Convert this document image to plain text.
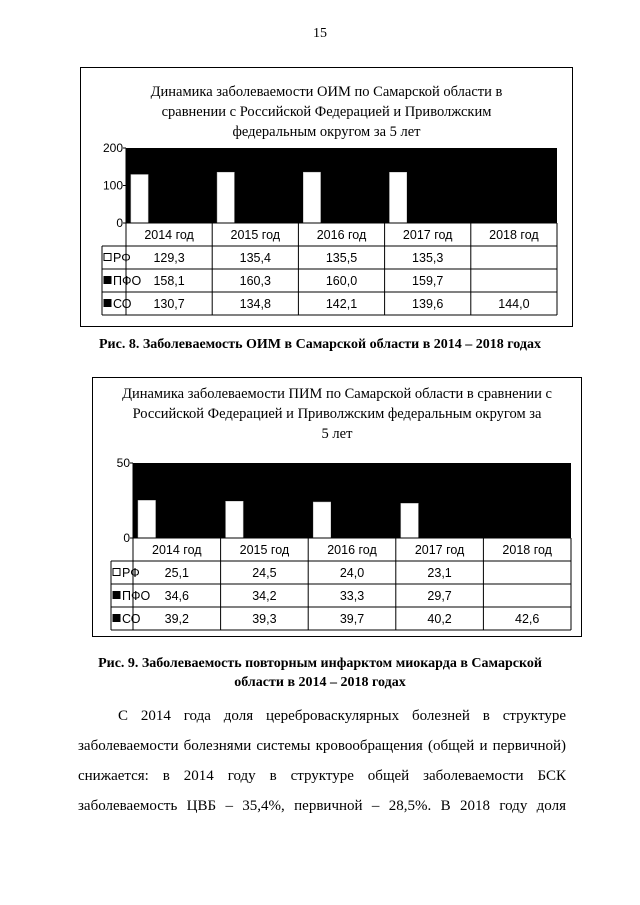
15
Динамика заболеваемости ОИМ по Самарской области в
сравнении с Российской Федерацией и Приволжским
федеральным округом за 5 лет
0
100
200
2014 год	2015 год	2016 год	2017 год	2018 год
РФ 129,3	135,4	135,5	135,3
ПФО 158,1	160,3	160,0	159,7
СО 130,7	134,8	142,1	139,6	144,0
Рис. 8. Заболеваемость ОИМ в Самарской области в 2014 – 2018 годах
Динамика заболеваемости ПИМ по Самарской области в сравнении с
Российской Федерацией и Приволжским федеральным округом за
5 лет
0
50
2014 год	2015 год	2016 год	2017 год	2018 год
РФ 25,1	24,5	24,0	23,1
ПФО 34,6	34,2	33,3	29,7
СО 39,2	39,3	39,7	40,2	42,6
Рис. 9. Заболеваемость повторным инфарктом миокарда в Самарской
области в 2014 – 2018 годах
С 2014 года доля цереброваскулярных болезней в структуре
заболеваемости болезнями системы кровообращения (общей и первичной)
снижается: в 2014 году в структуре общей заболеваемости БСК
заболеваемость ЦВБ – 35,4%, первичной – 28,5%. В 2018 году доля
